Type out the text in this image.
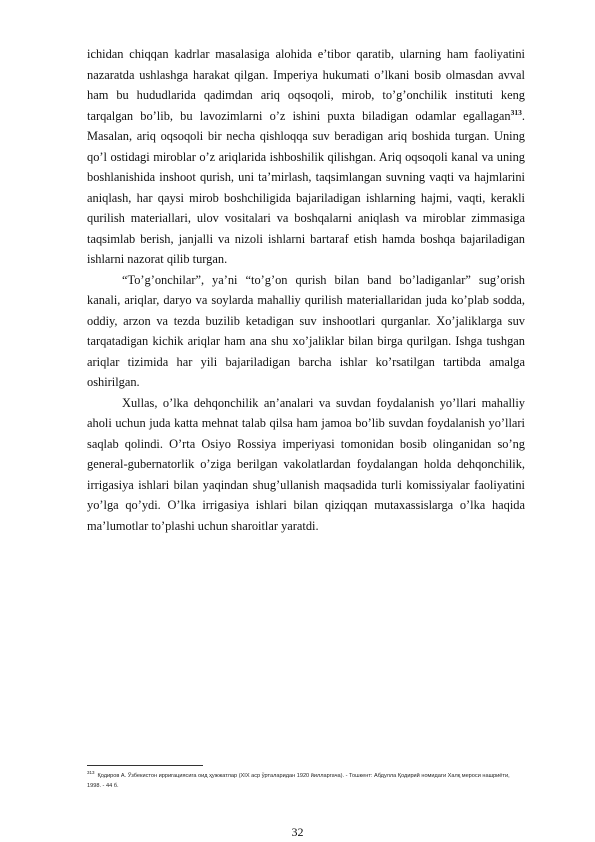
ichidan chiqqan kadrlar masalasiga alohida e’tibor qaratib, ularning ham faoliyatini nazaratda ushlashga harakat qilgan. Imperiya hukumati o’lkani bosib olmasdan avval ham bu hududlarida qadimdan ariq oqsoqoli, mirob, to’g’onchilik instituti keng tarqalgan bo’lib, bu lavozimlarni o’z ishini puxta biladigan odamlar egallagan$^{313}$. Masalan, ariq oqsoqoli bir necha qishloqqa suv beradigan ariq boshida turgan. Uning qo’l ostidagi miroblar o’z ariqlarida ishboshilik qilishgan. Ariq oqsoqoli kanal va uning boshlanishida inshoot qurish, uni ta’mirlash, taqsimlangan suvning vaqti va hajmlarini aniqlash, har qaysi mirob boshchiligida bajariladigan ishlarning hajmi, vaqti, kerakli qurilish materiallari, ulov vositalari va boshqalarni aniqlash va miroblar zimmasiga taqsimlab berish, janjalli va nizoli ishlarni bartaraf etish hamda boshqa bajariladigan ishlarni nazorat qilib turgan.

“To’g’onchilar”, ya’ni “to’g’on qurish bilan band bo’ladiganlar” sug’orish kanali, ariqlar, daryo va soylarda mahalliy qurilish materiallaridan juda ko’plab sodda, oddiy, arzon va tezda buzilib ketadigan suv inshootlari qurganlar. Xo’jaliklarga suv tarqatadigan kichik ariqlar ham ana shu xo’jaliklar bilan birga qurilgan. Ishga tushgan ariqlar tizimida har yili bajariladigan barcha ishlar ko’rsatilgan tartibda amalga oshirilgan.

Xullas, o’lka dehqonchilik an’analari va suvdan foydalanish yo’llari mahalliy aholi uchun juda katta mehnat talab qilsa ham jamoa bo’lib suvdan foydalanish yo’llari saqlab qolindi. O’rta Osiyo Rossiya imperiyasi tomonidan bosib olinganidan so’ng general-gubernatorlik o’ziga berilgan vakolatlardan foydalangan holda dehqonchilik, irrigasiya ishlari bilan yaqindan shug’ullanish maqsadida turli komissiyalar faoliyatini yo’lga qo’ydi. O’lka irrigasiya ishlari bilan qiziqqan mutaxassislarga o’lka haqida ma’lumotlar to’plashi uchun sharoitlar yaratdi.

$^{313}$Қодиров А. Ўзбекистон ирригациясига оид ҳужжатлар (XIX аср ўрталаридан 1920 йилларгача). - Тошкент: Абдулла Қодирий номидаги Халқ мероси нашриёти, 1998. - 44 б.
32
